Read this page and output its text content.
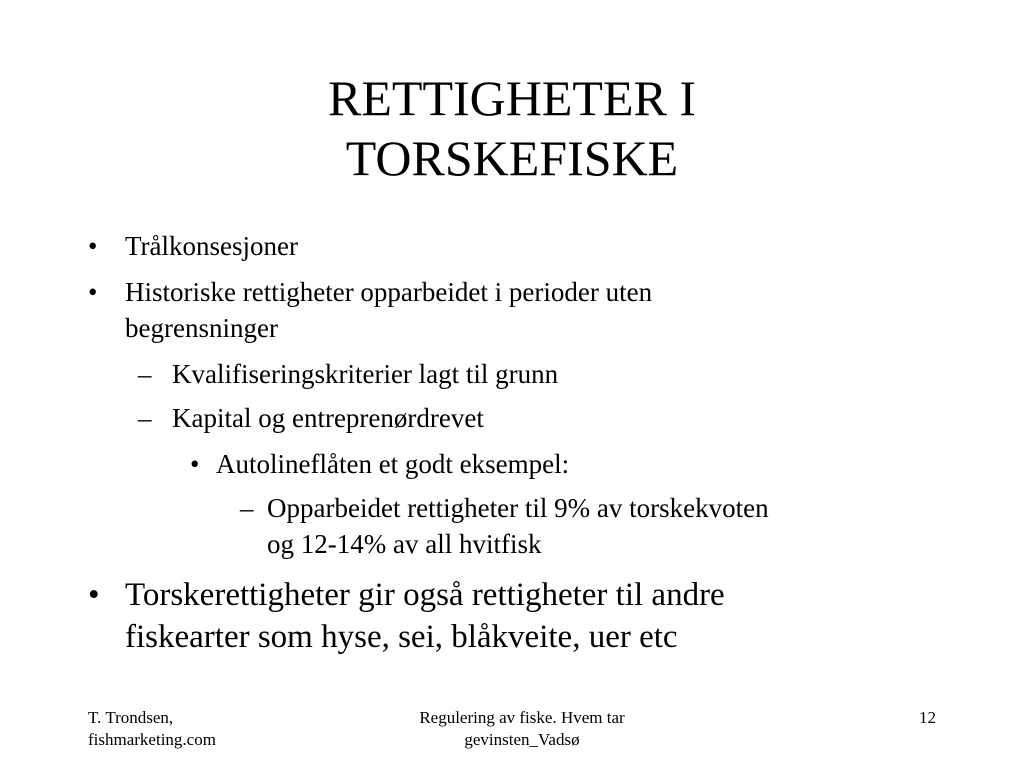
RETTIGHETER I
TORSKEFISKE
• Trålkonsesjoner
• Historiske rettigheter opparbeidet i perioder uten
begrensninger
– Kvalifiseringskriterier lagt til grunn
– Kapital og entreprenørdrevet
• Autolineflåten et godt eksempel:
– Opparbeidet rettigheter til 9% av torskekvoten
og 12-14% av all hvitfisk
• Torskerettigheter gir også rettigheter til andre
fiskearter som hyse, sei, blåkveite, uer etc
T. Trondsen,
fishmarketing.com
Regulering av fiske. Hvem tar
gevinsten_Vadsø
12
